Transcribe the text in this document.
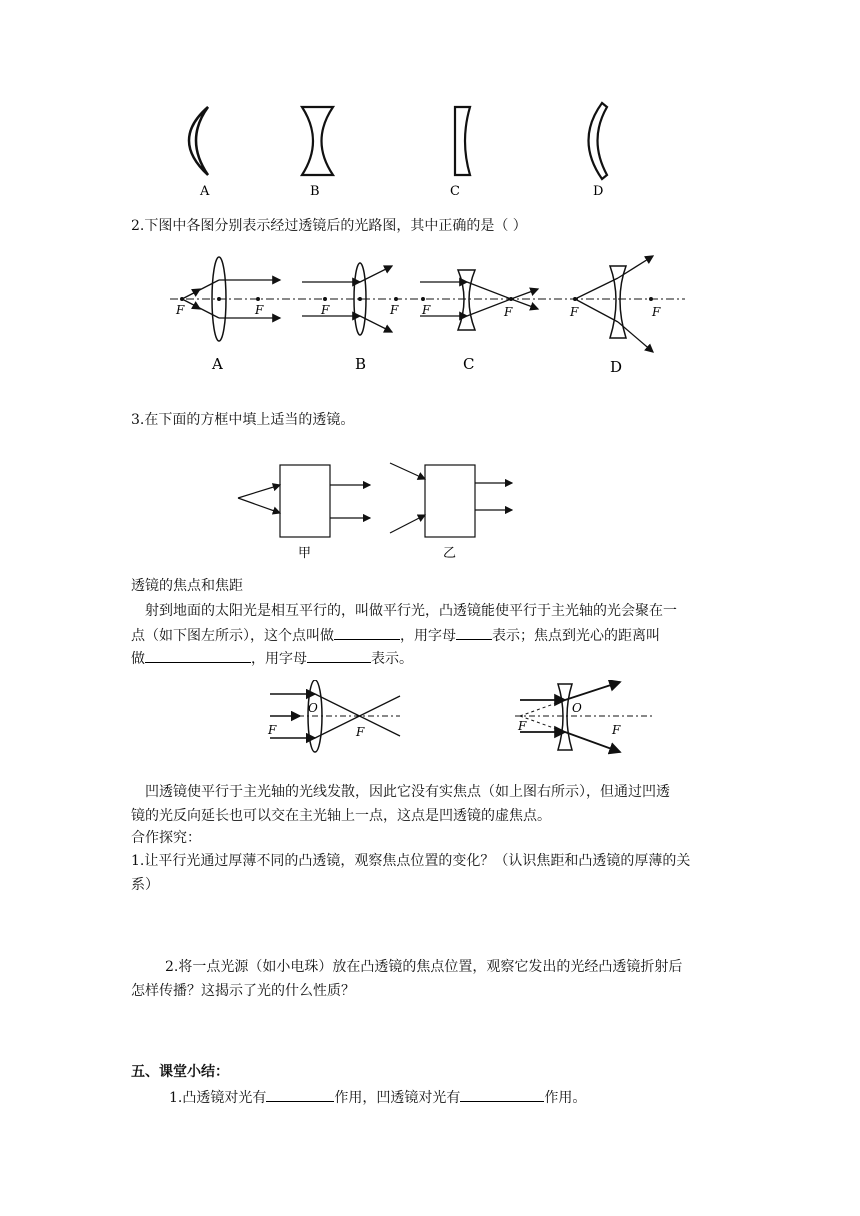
A	B	C	D
2.下图中各图分别表示经过透镜后的光路图，其中正确的是（ ）
F	F
A
F	F
B
F	F
C
F	F
D
3.在下面的方框中填上适当的透镜。
甲	乙
透镜的焦点和焦距
射到地面的太阳光是相互平行的，叫做平行光，凸透镜能使平行于主光轴的光会聚在一
点（如下图左所示），这个点叫做	，用字母	表示；焦点到光心的距离叫
做	，用字母	表示。
F
O
F	F
O
F
凹透镜使平行于主光轴的光线发散，因此它没有实焦点（如上图右所示），但通过凹透
镜的光反向延长也可以交在主光轴上一点，这点是凹透镜的虚焦点。
合作探究：
1.让平行光通过厚薄不同的凸透镜，观察焦点位置的变化？（认识焦距和凸透镜的厚薄的关
系）
2.将一点光源（如小电珠）放在凸透镜的焦点位置，观察它发出的光经凸透镜折射后
怎样传播？这揭示了光的什么性质？
五、课堂小结：
1.凸透镜对光有	作用，凹透镜对光有	作用。
